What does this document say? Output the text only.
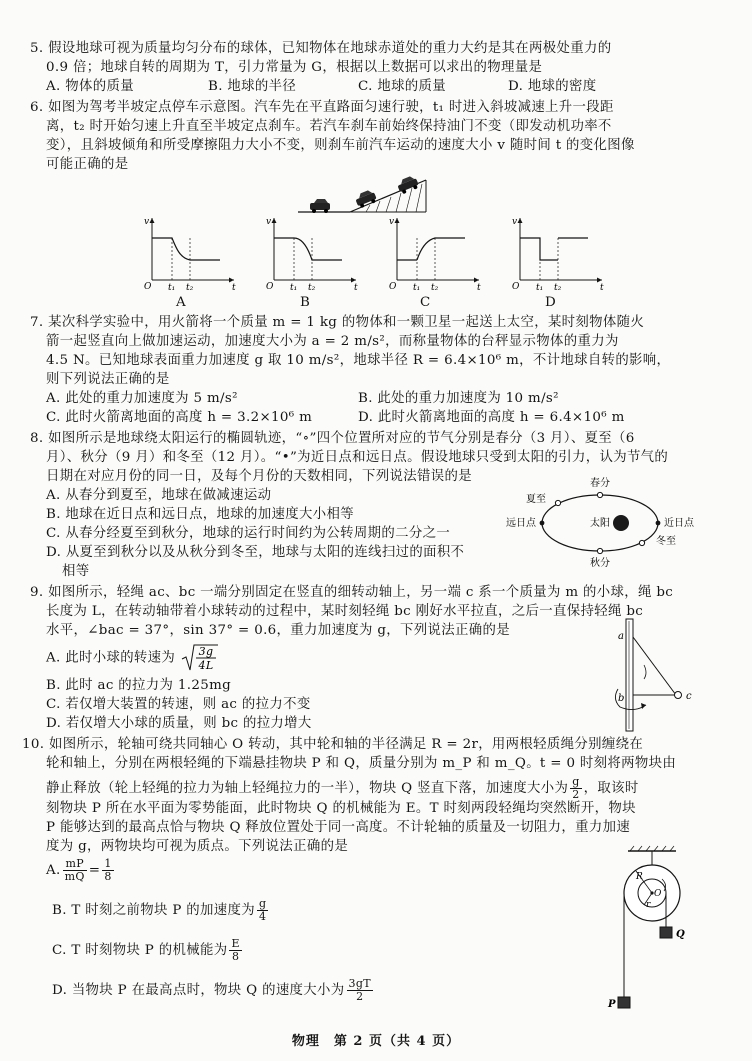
5. 假设地球可视为质量均匀分布的球体，已知物体在地球赤道处的重力大约是其在两极处重力的
0.9 倍；地球自转的周期为 T，引力常量为 G，根据以上数据可以求出的物理量是
A. 物体的质量	B. 地球的半径	C. 地球的质量	D. 地球的密度
6. 如图为驾考半坡定点停车示意图。汽车先在平直路面匀速行驶，t₁ 时进入斜坡减速上升一段距
离，t₂ 时开始匀速上升直至半坡定点刹车。若汽车刹车前始终保持油门不变（即发动机功率不
变），且斜坡倾角和所受摩擦阻力大小不变，则刹车前汽车运动的速度大小 v 随时间 t 的变化图像
可能正确的是
v
O t₁ t₂	t
v
O t₁ t₂	t
v
O t₁ t₂	t
v
O t₁ t₂	t
A	B	C	D
7. 某次科学实验中，用火箭将一个质量 m = 1 kg 的物体和一颗卫星一起送上太空，某时刻物体随火
箭一起竖直向上做加速运动，加速度大小为 a = 2 m/s²，而称量物体的台秤显示物体的重力为
4.5 N。已知地球表面重力加速度 g 取 10 m/s²，地球半径 R = 6.4×10⁶ m，不计地球自转的影响，
则下列说法正确的是
A. 此处的重力加速度为 5 m/s²	B. 此处的重力加速度为 10 m/s²
C. 此时火箭离地面的高度 h = 3.2×10⁶ m	D. 此时火箭离地面的高度 h = 6.4×10⁶ m
8. 如图所示是地球绕太阳运行的椭圆轨迹，“∘”四个位置所对应的节气分别是春分（3 月）、夏至（6
月）、秋分（9 月）和冬至（12 月）。“•”为近日点和远日点。假设地球只受到太阳的引力，认为节气的
日期在对应月份的同一日，及每个月份的天数相同，下列说法错误的是
A. 从春分到夏至，地球在做减速运动
B. 地球在近日点和远日点，地球的加速度大小相等
C. 从春分经夏至到秋分，地球的运行时间约为公转周期的二分之一
D. 从夏至到秋分以及从秋分到冬至，地球与太阳的连线扫过的面积不
相等
春分
夏至
远日点	近日点
太阳
冬至
秋分
9. 如图所示，轻绳 ac、bc 一端分别固定在竖直的细转动轴上，另一端 c 系一个质量为 m 的小球，绳 bc
长度为 L，在转动轴带着小球转动的过程中，某时刻轻绳 bc 刚好水平拉直，之后一直保持轻绳 bc
水平，∠bac = 37°，sin 37° = 0.6，重力加速度为 g，下列说法正确的是
A. 此时小球的转速为 3g
4L
B. 此时 ac 的拉力为 1.25mg
C. 若仅增大装置的转速，则 ac 的拉力不变
D. 若仅增大小球的质量，则 bc 的拉力增大
a
b	c
10. 如图所示，轮轴可绕共同轴心 O 转动，其中轮和轴的半径满足 R = 2r，用两根轻质绳分别缠绕在
轮和轴上，分别在两根轻绳的下端悬挂物块 P 和 Q，质量分别为 m_P 和 m_Q。t = 0 时刻将两物块由
静止释放（轮上轻绳的拉力为轴上轻绳拉力的一半），物块 Q 竖直下落，加速度大小为 $\frac{g}{2}$ ，取该时
刻物块 P 所在水平面为零势能面，此时物块 Q 的机械能为 E。T 时刻两段轻绳均突然断开，物块
P 能够达到的最高点恰与物块 Q 释放位置处于同一高度。不计轮轴的质量及一切阻力，重力加速
度为 g，两物块均可视为质点。下列说法正确的是
A. $\frac{mP}{mQ} = \frac{1}{8}$
B. T 时刻之前物块 P 的加速度为 $\frac{g}{4}$
C. T 时刻物块 P 的机械能为 $\frac{E}{8}$
D. 当物块 P 在最高点时，物块 Q 的速度大小为 $\frac{3gT}{2}$
R
r
O
Q
P
物理　第 2 页（共 4 页）
